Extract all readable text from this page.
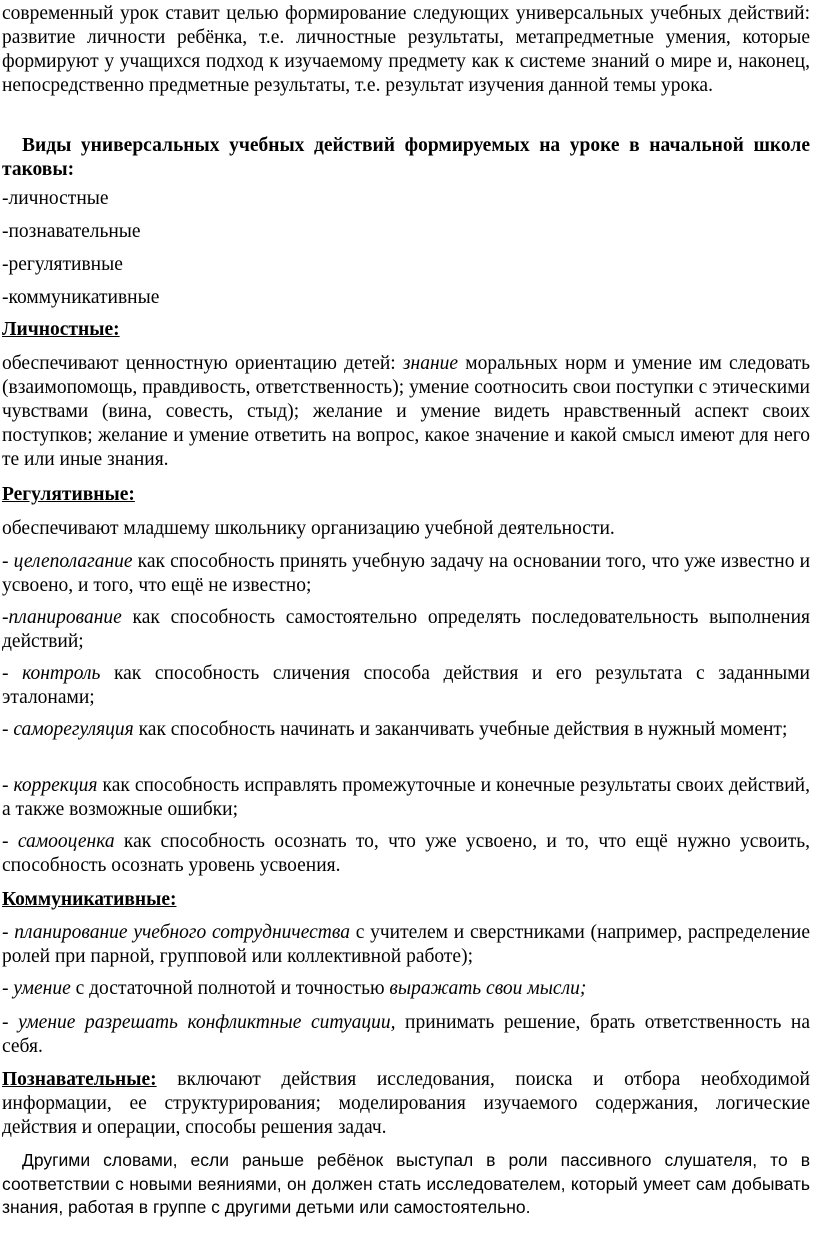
современный урок ставит целью формирование следующих универсальных учебных действий: развитие личности ребёнка, т.е. личностные результаты, метапредметные умения, которые формируют у учащихся подход к изучаемому предмету как к системе знаний о мире и, наконец, непосредственно предметные результаты, т.е. результат изучения данной темы урока.

Виды универсальных учебных действий формируемых на уроке в начальной школе таковы:

-личностные

-познавательные

-регулятивные

-коммуникативные

Личностные:

обеспечивают ценностную ориентацию детей: знание моральных норм и умение им следовать (взаимопомощь, правдивость, ответственность); умение соотносить свои поступки с этическими чувствами (вина, совесть, стыд); желание и умение видеть нравственный аспект своих поступков; желание и умение ответить на вопрос, какое значение и какой смысл имеют для него те или иные знания.

Регулятивные:

обеспечивают младшему школьнику организацию учебной деятельности.

- целеполагание как способность принять учебную задачу на основании того, что уже известно и усвоено, и того, что ещё не известно;

-планирование как способность самостоятельно определять последовательность выполнения действий;

- контроль как способность сличения способа действия и его результата с заданными эталонами;

- саморегуляция как способность начинать и заканчивать учебные действия в нужный момент;

- коррекция как способность исправлять промежуточные и конечные результаты своих действий, а также возможные ошибки;

- самооценка как способность осознать то, что уже усвоено, и то, что ещё нужно усвоить, способность осознать уровень усвоения.

Коммуникативные:

- планирование учебного сотрудничества с учителем и сверстниками (например, распределение ролей при парной, групповой или коллективной работе);

- умение с достаточной полнотой и точностью выражать свои мысли;

- умение разрешать конфликтные ситуации, принимать решение, брать ответственность на себя.

Познавательные: включают действия исследования, поиска и отбора необходимой информации, ее структурирования; моделирования изучаемого содержания, логические действия и операции, способы решения задач.

Другими словами, если раньше ребёнок выступал в роли пассивного слушателя, то в соответствии с новыми веяниями, он должен стать исследователем, который умеет сам добывать знания, работая в группе с другими детьми или самостоятельно.
